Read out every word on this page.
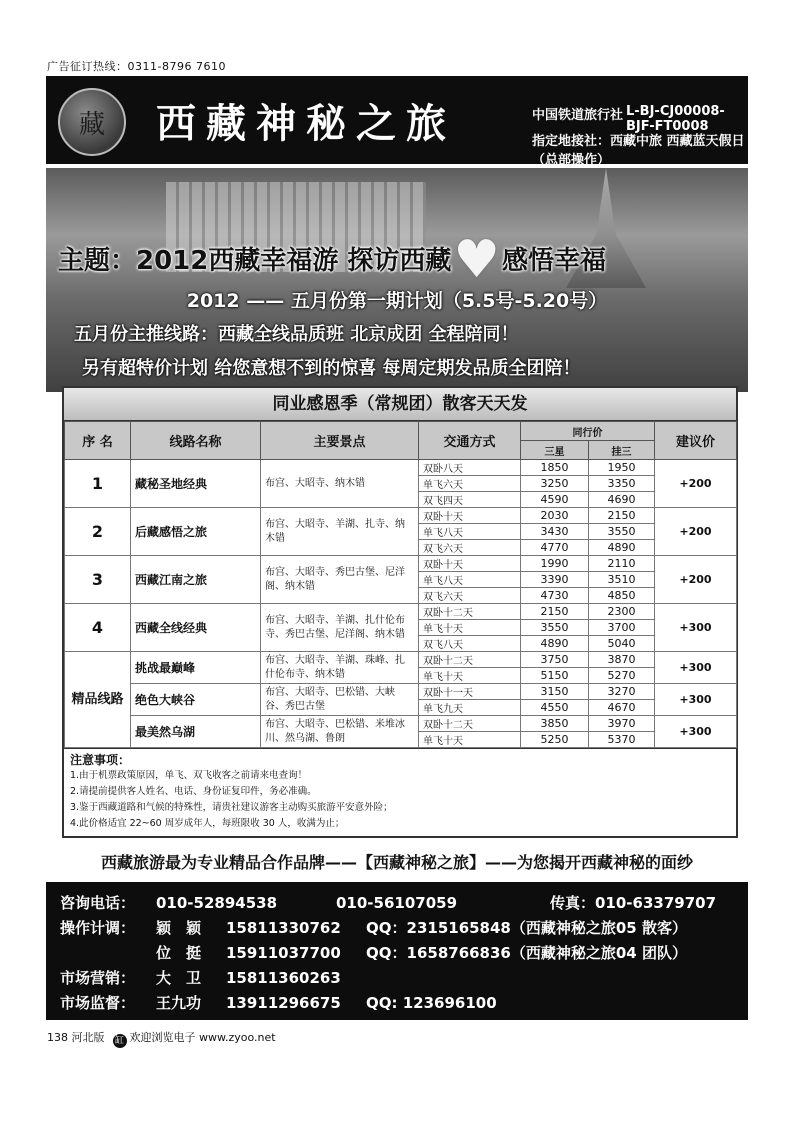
广告征订热线：0311-8796 7610
藏	西藏神秘之旅	中国铁道旅行社 L-BJ-CJ00008-BJF-FT0008
指定地接社：西藏中旅 西藏蓝天假日（总部操作）
主题：2012西藏幸福游 探访西藏♥感悟幸福
2012 —— 五月份第一期计划（5.5号-5.20号）
五月份主推线路：西藏全线品质班 北京成团 全程陪同！
另有超特价计划 给您意想不到的惊喜 每周定期发品质全团陪！
同业感恩季（常规团）散客天天发
序 名	线路名称	主要景点	交通方式	同行价		建议价
				三星	挂三	
1	藏秘圣地经典	布宫、大昭寺、纳木错	双卧八天	1850	1950	+200
			单飞六天	3250	3350	
			双飞四天	4590	4690	
2	后藏感悟之旅	布宫、大昭寺、羊湖、扎寺、纳木错	双卧十天	2030	2150	+200
			单飞八天	3430	3550	
			双飞六天	4770	4890	
3	西藏江南之旅	布宫、大昭寺、秀巴古堡、尼洋阁、纳木错	双卧十天	1990	2110	+200
			单飞八天	3390	3510	
			双飞六天	4730	4850	
4	西藏全线经典	布宫、大昭寺、羊湖、扎什伦布寺、秀巴古堡、尼洋阁、纳木错	双卧十二天	2150	2300	+300
			单飞十天	3550	3700	
			双飞八天	4890	5040	
精品线路	挑战最巅峰	布宫、大昭寺、羊湖、珠峰、扎什伦布寺、纳木错	双卧十二天	3750	3870	+300
			单飞十天	5150	5270	
	绝色大峡谷	布宫、大昭寺、巴松错、大峡谷、秀巴古堡	双卧十一天	3150	3270	+300
			单飞九天	4550	4670	
	最美然乌湖	布宫、大昭寺、巴松错、米堆冰川、然乌湖、鲁朗	双卧十二天	3850	3970	+300
			单飞十天	5250	5370	
注意事项：
1.由于机票政策原因，单飞、双飞收客之前请来电查询！
2.请提前提供客人姓名、电话、身份证复印件，务必准确。
3.鉴于西藏道路和气候的特殊性，请贵社建议游客主动购买旅游平安意外险；
4.此价格适宜 22~60 周岁成年人，每班限收 30 人，收满为止；
西藏旅游最为专业精品合作品牌——【西藏神秘之旅】——为您揭开西藏神秘的面纱
咨询电话： 010-52894538	010-56107059	传真：010-63379707
操作计调： 颖　颖 15811330762 QQ：2315165848（西藏神秘之旅05 散客）
位　挺 15911037700 QQ：1658766836（西藏神秘之旅04 团队）
市场营销： 大　卫 15811360263
市场监督： 王九功 13911296675 QQ: 123696100
138 河北版 缸 欢迎浏览电子 www.zyoo.net
